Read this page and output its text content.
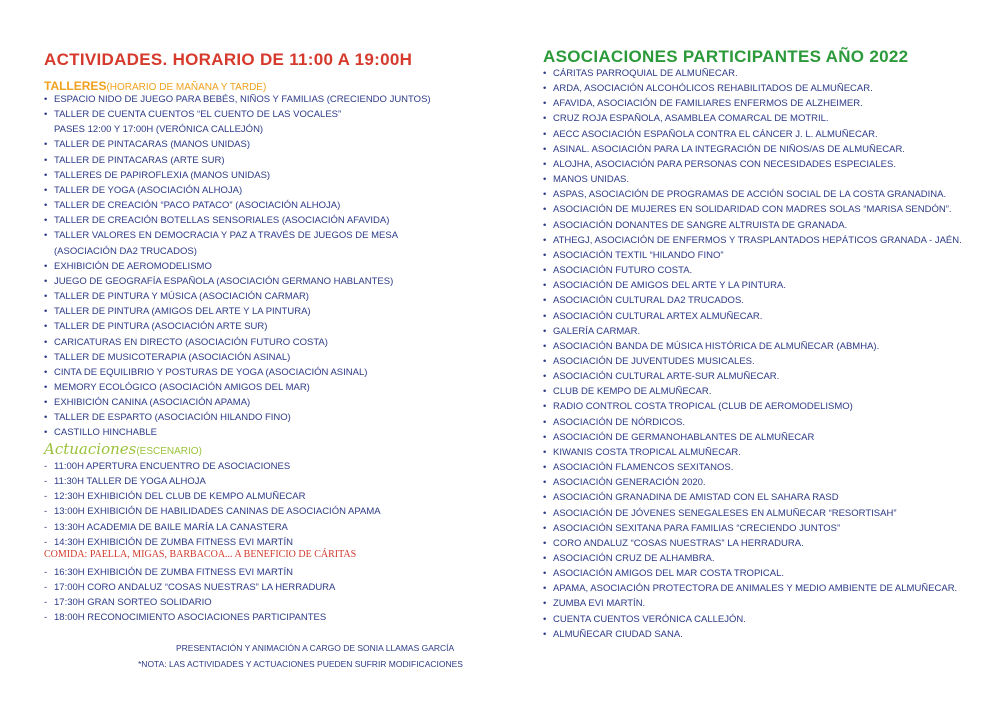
ACTIVIDADES. HORARIO DE 11:00 A 19:00H
TALLERES(HORARIO DE MAÑANA Y TARDE)
• ESPACIO NIDO DE JUEGO PARA BEBÉS, NIÑOS Y FAMILIAS (CRECIENDO JUNTOS)
• TALLER DE CUENTA CUENTOS “EL CUENTO DE LAS VOCALES”
PASES 12:00 Y 17:00H (VERÓNICA CALLEJÓN)
• TALLER DE PINTACARAS (MANOS UNIDAS)
• TALLER DE PINTACARAS (ARTE SUR)
• TALLERES DE PAPIROFLEXIA (MANOS UNIDAS)
• TALLER DE YOGA (ASOCIACIÓN ALHOJA)
• TALLER DE CREACIÓN “PACO PATACO” (ASOCIACIÓN ALHOJA)
• TALLER DE CREACIÓN BOTELLAS SENSORIALES (ASOCIACIÓN AFAVIDA)
• TALLER VALORES EN DEMOCRACIA Y PAZ A TRAVÉS DE JUEGOS DE MESA
(ASOCIACIÓN DA2 TRUCADOS)
• EXHIBICIÓN DE AEROMODELISMO
• JUEGO DE GEOGRAFÍA ESPAÑOLA (ASOCIACIÓN GERMANO HABLANTES)
• TALLER DE PINTURA Y MÚSICA (ASOCIACIÓN CARMAR)
• TALLER DE PINTURA (AMIGOS DEL ARTE Y LA PINTURA)
• TALLER DE PINTURA (ASOCIACIÓN ARTE SUR)
• CARICATURAS EN DIRECTO (ASOCIACIÓN FUTURO COSTA)
• TALLER DE MUSICOTERAPIA (ASOCIACIÓN ASINAL)
• CINTA DE EQUILIBRIO Y POSTURAS DE YOGA (ASOCIACIÓN ASINAL)
• MEMORY ECOLÓGICO (ASOCIACIÓN AMIGOS DEL MAR)
• EXHIBICIÓN CANINA (ASOCIACIÓN APAMA)
• TALLER DE ESPARTO (ASOCIACIÓN HILANDO FINO)
• CASTILLO HINCHABLE
Actuaciones(ESCENARIO)
- 11:00H APERTURA ENCUENTRO DE ASOCIACIONES
- 11:30H TALLER DE YOGA ALHOJA
- 12:30H EXHIBICIÓN DEL CLUB DE KEMPO ALMUÑECAR
- 13:00H EXHIBICIÓN DE HABILIDADES CANINAS DE ASOCIACIÓN APAMA
- 13:30H ACADEMIA DE BAILE MARÍA LA CANASTERA
- 14:30H EXHIBICIÓN DE ZUMBA FITNESS EVI MARTÍN
COMIDA: PAELLA, MIGAS, BARBACOA... A BENEFICIO DE CÁRITAS
- 16:30H EXHIBICIÓN DE ZUMBA FITNESS EVI MARTÍN
- 17:00H CORO ANDALUZ “COSAS NUESTRAS” LA HERRADURA
- 17:30H GRAN SORTEO SOLIDARIO
- 18:00H RECONOCIMIENTO ASOCIACIONES PARTICIPANTES
PRESENTACIÓN Y ANIMACIÓN A CARGO DE SONIA LLAMAS GARCÍA
*NOTA: LAS ACTIVIDADES Y ACTUACIONES PUEDEN SUFRIR MODIFICACIONES
ASOCIACIONES PARTICIPANTES AÑO 2022
• CÁRITAS PARROQUIAL DE ALMUÑECAR.
• ARDA, ASOCIACIÓN ALCOHÓLICOS REHABILITADOS DE ALMUÑECAR.
• AFAVIDA, ASOCIACIÓN DE FAMILIARES ENFERMOS DE ALZHEIMER.
• CRUZ ROJA ESPAÑOLA, ASAMBLEA COMARCAL DE MOTRIL.
• AECC ASOCIACIÓN ESPAÑOLA CONTRA EL CÁNCER J. L. ALMUÑECAR.
• ASINAL. ASOCIACIÓN PARA LA INTEGRACIÓN DE NIÑOS/AS DE ALMUÑECAR.
• ALOJHA, ASOCIACIÓN PARA PERSONAS CON NECESIDADES ESPECIALES.
• MANOS UNIDAS.
• ASPAS, ASOCIACIÓN DE PROGRAMAS DE ACCIÓN SOCIAL DE LA COSTA GRANADINA.
• ASOCIACIÓN DE MUJERES EN SOLIDARIDAD CON MADRES SOLAS “MARISA SENDÓN”.
• ASOCIACIÓN DONANTES DE SANGRE ALTRUISTA DE GRANADA.
• ATHEGJ, ASOCIACIÓN DE ENFERMOS Y TRASPLANTADOS HEPÁTICOS GRANADA - JAÉN.
• ASOCIACIÓN TEXTIL “HILANDO FINO”
• ASOCIACIÓN FUTURO COSTA.
• ASOCIACIÓN DE AMIGOS DEL ARTE Y LA PINTURA.
• ASOCIACIÓN CULTURAL DA2 TRUCADOS.
• ASOCIACIÓN CULTURAL ARTEX ALMUÑECAR.
• GALERÍA CARMAR.
• ASOCIACIÓN BANDA DE MÚSICA HISTÓRICA DE ALMUÑECAR (ABMHA).
• ASOCIACIÓN DE JUVENTUDES MUSICALES.
• ASOCIACIÓN CULTURAL ARTE-SUR ALMUÑECAR.
• CLUB DE KEMPO DE ALMUÑECAR.
• RADIO CONTROL COSTA TROPICAL (CLUB DE AEROMODELISMO)
• ASOCIACIÓN DE NÓRDICOS.
• ASOCIACIÓN DE GERMANOHABLANTES DE ALMUÑECAR
• KIWANIS COSTA TROPICAL ALMUÑECAR.
• ASOCIACIÓN FLAMENCOS SEXITANOS.
• ASOCIACIÓN GENERACIÓN 2020.
• ASOCIACIÓN GRANADINA DE AMISTAD CON EL SAHARA RASD
• ASOCIACIÓN DE JÓVENES SENEGALESES EN ALMUÑECAR “RESORTISAH”
• ASOCIACIÓN SEXITANA PARA FAMILIAS “CRECIENDO JUNTOS”
• CORO ANDALUZ “COSAS NUESTRAS” LA HERRADURA.
• ASOCIACIÓN CRUZ DE ALHAMBRA.
• ASOCIACIÓN AMIGOS DEL MAR COSTA TROPICAL.
• APAMA, ASOCIACIÓN PROTECTORA DE ANIMALES Y MEDIO AMBIENTE DE ALMUÑECAR.
• ZUMBA EVI MARTÍN.
• CUENTA CUENTOS VERÓNICA CALLEJÓN.
• ALMUÑECAR CIUDAD SANA.
